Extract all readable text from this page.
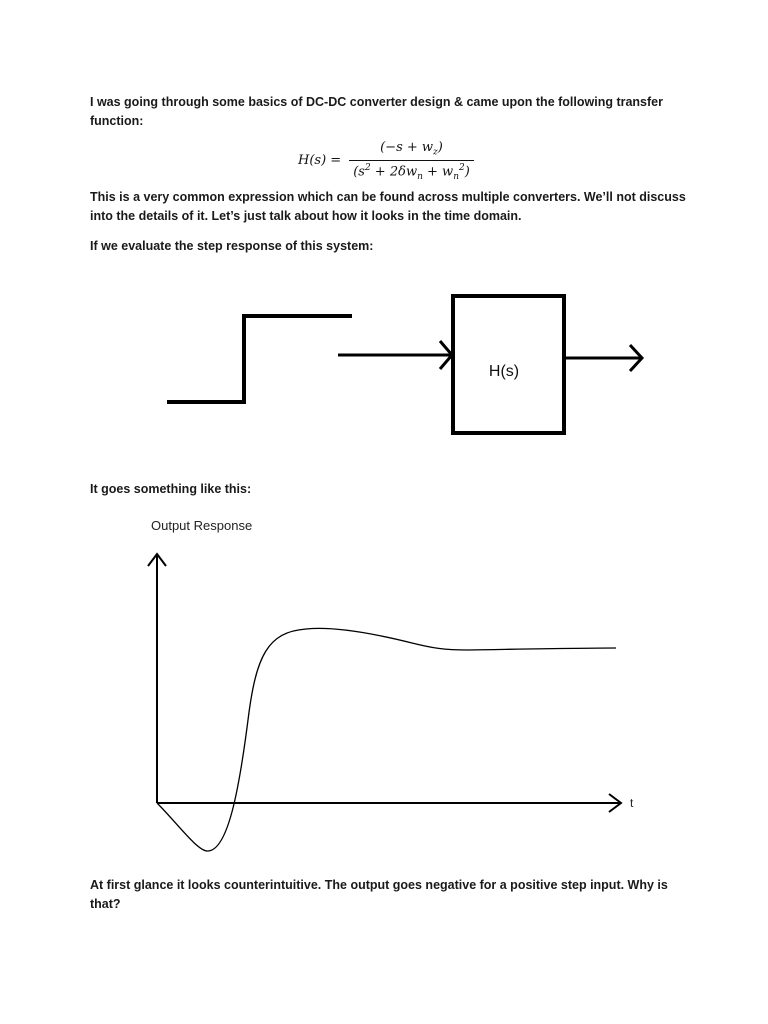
I was going through some basics of DC-DC converter design & came upon the following transfer function:

$H(s) = \frac{(-s + w_z)}{(s^2 + 2\delta w_n + w_n^2)}$

This is a very common expression which can be found across multiple converters. We’ll not discuss into the details of it. Let’s just talk about how it looks in the time domain.

If we evaluate the step response of this system:

H(s)
Output Response
t

It goes something like this:

At first glance it looks counterintuitive. The output goes negative for a positive step input. Why is that?
